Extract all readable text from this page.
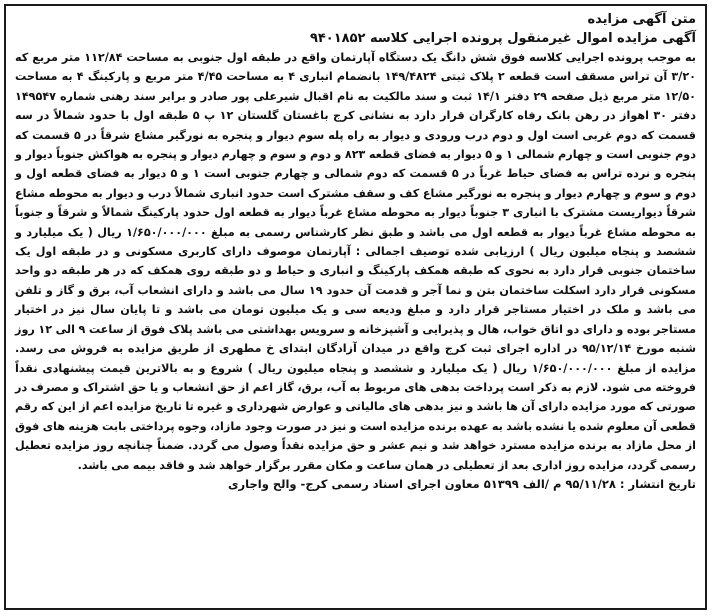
متن آگهی مزایده

آگهی مزایده اموال غیرمنقول پرونده اجرایی کلاسه ۹۴۰۱۸۵۲

به موجب پرونده اجرایی کلاسه فوق شش دانگ یک دستگاه آپارتمان واقع در طبقه اول جنوبی به مساحت ۱۱۲/۸۴ متر مربع که ۳/۲۰ آن تراس مسقف است قطعه ۲ پلاک ثبتی ۱۴۹/۴۸۲۴ بانضمام انباری ۴ به مساحت ۴/۴۵ متر مربع و پارکینگ ۴ به مساحت ۱۲/۵۰ متر مربع ذیل صفحه ۲۹ دفتر ۱۴/۱ ثبت و سند مالکیت به نام اقبال شیرعلی پور صادر و برابر سند رهنی شماره ۱۴۹۵۴۷ دفتر ۳۰ اهواز در رهن بانک رفاه کارگران قرار دارد به نشانی کرج باغستان گلستان ۱۲ پ ۵ طبقه اول با حدود شمالاً در سه قسمت که دوم غربی است اول و دوم درب ورودی و دیوار به راه پله سوم دیوار و پنجره به نورگیر مشاع شرقاً در ۵ قسمت که دوم جنوبی است و چهارم شمالی ۱ و ۵ دیوار به فضای قطعه ۸۲۳ و دوم و سوم و چهارم دیوار و پنجره به هواکش جنوباً دیوار و پنجره و نرده تراس به فضای حیاط غرباً در ۵ قسمت که دوم شمالی و چهارم جنوبی است ۱ و ۵ دیوار به فضای قطعه اول و دوم و سوم و چهارم دیوار و پنجره به نورگیر مشاع کف و سقف مشترک است حدود انباری شمالاً درب و دیوار به محوطه مشاع شرقاً دیواریست مشترک با انباری ۳ جنوباً دیوار به محوطه مشاع غرباً دیوار به قطعه اول حدود پارکینگ شمالاً و شرقاً و جنوباً به محوطه مشاع غرباً دیوار به قطعه اول می باشد و طبق نظر کارشناس رسمی به مبلغ ۱/۶۵۰/۰۰۰/۰۰۰ ریال ( یک میلیارد و ششصد و پنجاه میلیون ریال ) ارزیابی شده توصیف اجمالی : آپارتمان موصوف دارای کاربری مسکونی و در طبقه اول یک ساختمان جنوبی قرار دارد به نحوی که طبقه همکف پارکینگ و انباری و حیاط و دو طبقه روی همکف که در هر طبقه دو واحد مسکونی قرار دارد اسکلت ساختمان بتن و نما آجر و قدمت آن حدود ۱۹ سال می باشد و دارای انشعاب آب، برق و گاز و تلفن می باشد و ملک در اختیار مستاجر قرار دارد و مبلغ ودیعه سی و یک میلیون تومان می باشد و تا پایان سال نیز در اختیار مستاجر بوده و دارای دو اتاق خواب، هال و پذیرایی و آشپزخانه و سرویس بهداشتی می باشد پلاک فوق از ساعت ۹ الی ۱۲ روز شنبه مورخ ۹۵/۱۲/۱۴ در اداره اجرای ثبت کرج واقع در میدان آزادگان ابتدای خ مطهری از طریق مزایده به فروش می رسد. مزایده از مبلغ ۱/۶۵۰/۰۰۰/۰۰۰ ریال ( یک میلیارد و ششصد و پنجاه میلیون ریال ) شروع و به بالاترین قیمت پیشنهادی نقداً فروخته می شود. لازم به ذکر است پرداخت بدهی های مربوط به آب، برق، گاز اعم از حق انشعاب و یا حق اشتراک و مصرف در صورتی که مورد مزایده دارای آن ها باشد و نیز بدهی های مالیاتی و عوارض شهرداری و غیره تا تاریخ مزایده اعم از این که رقم قطعی آن معلوم شده یا نشده باشد به عهده برنده مزایده است و نیز در صورت وجود مازاد، وجوه پرداختی بابت هزینه های فوق از محل مازاد به برنده مزایده مسترد خواهد شد و نیم عشر و حق مزایده نقداً وصول می گردد. ضمناً چنانچه روز مزایده تعطیل رسمی گردد، مزایده روز اداری بعد از تعطیلی در همان ساعت و مکان مقرر برگزار خواهد شد و فاقد بیمه می باشد.

تاریخ انتشار : ۹۵/۱۱/۲۸ م /الف ۵۱۳۹۹ معاون اجرای اسناد رسمی کرج- والح واجاری
